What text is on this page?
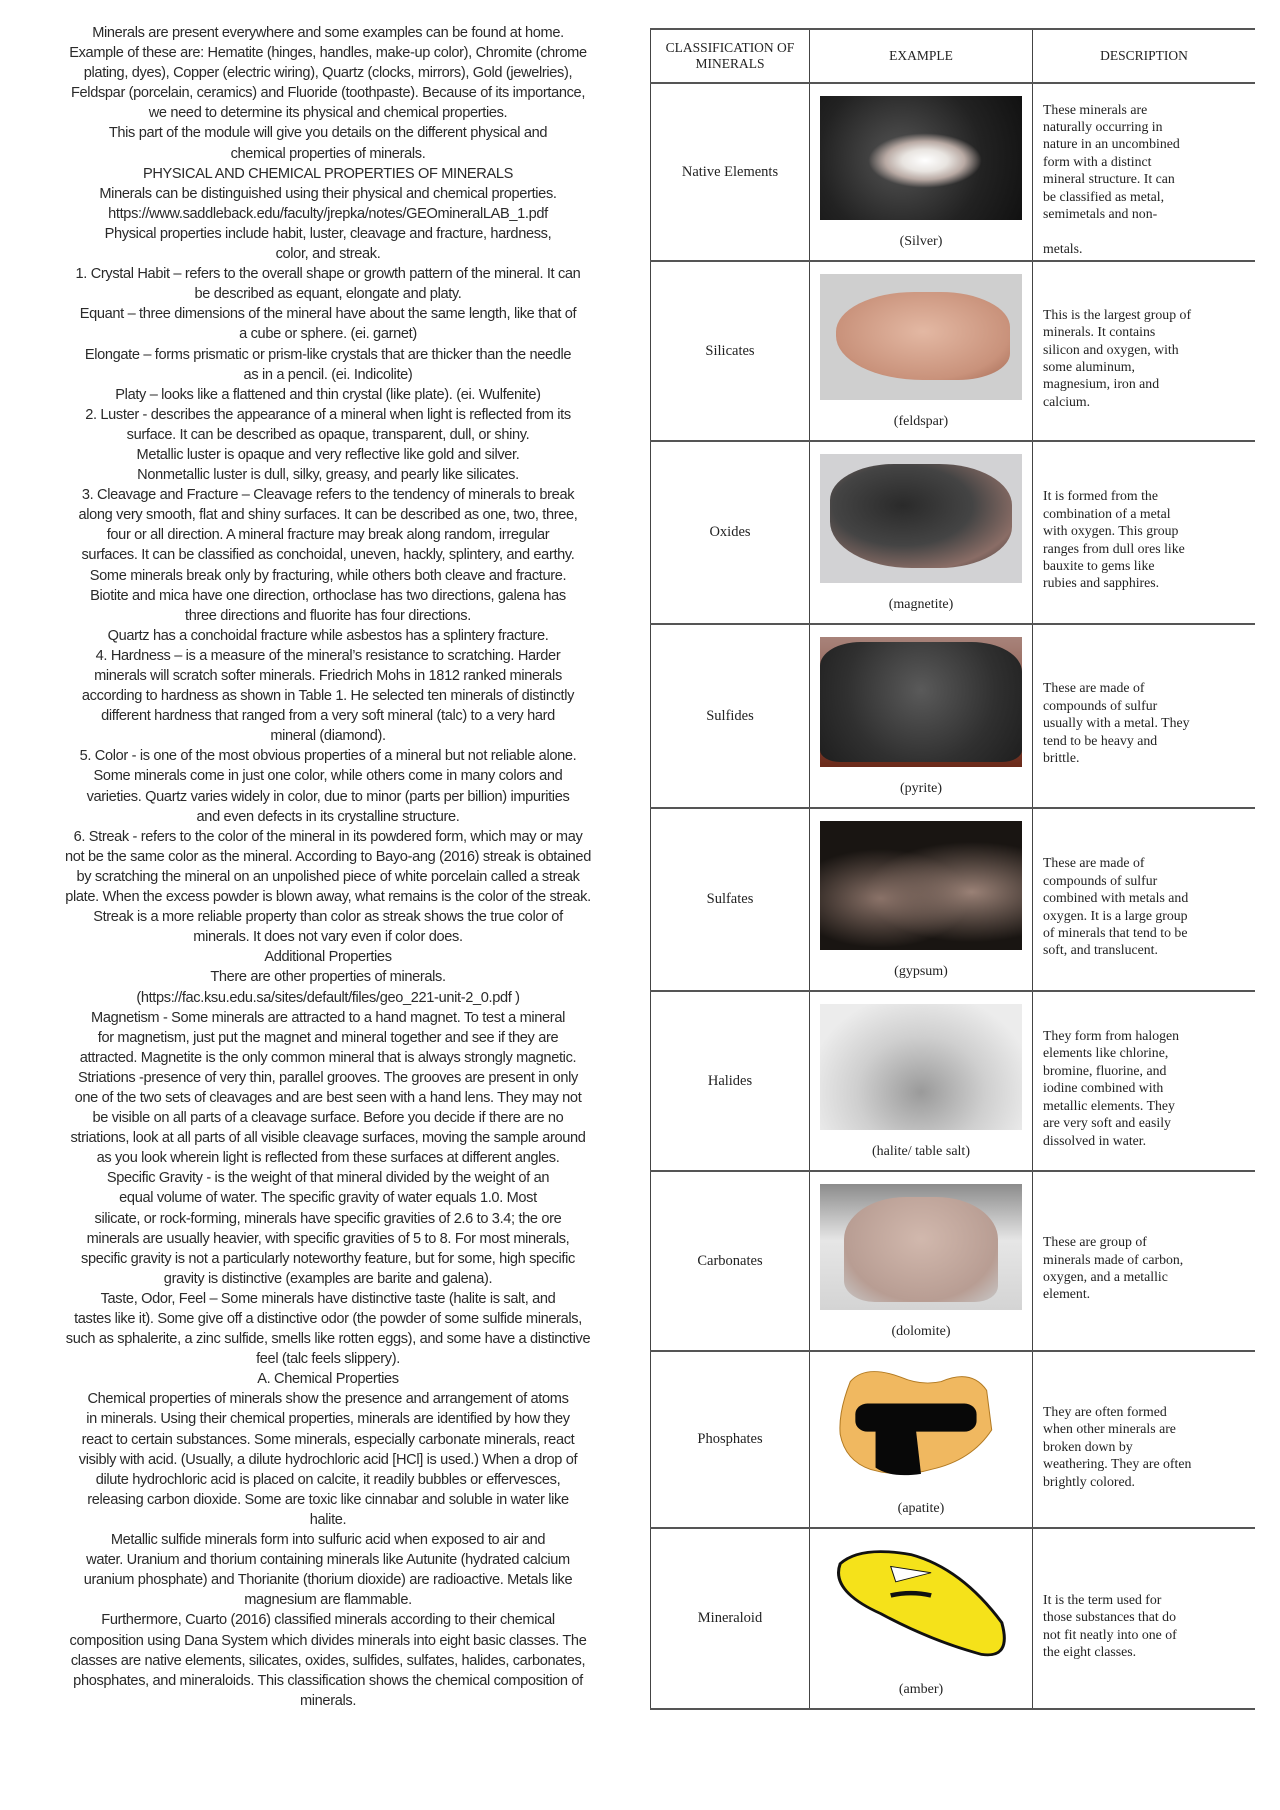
Minerals are present everywhere and some examples can be found at home.
Example of these are: Hematite (hinges, handles, make-up color), Chromite (chrome
plating, dyes), Copper (electric wiring), Quartz (clocks, mirrors), Gold (jewelries),
Feldspar (porcelain, ceramics) and Fluoride (toothpaste). Because of its importance,
we need to determine its physical and chemical properties.
This part of the module will give you details on the different physical and
chemical properties of minerals.
PHYSICAL AND CHEMICAL PROPERTIES OF MINERALS
Minerals can be distinguished using their physical and chemical properties.
https://www.saddleback.edu/faculty/jrepka/notes/GEOmineralLAB_1.pdf
Physical properties include habit, luster, cleavage and fracture, hardness,
color, and streak.
1. Crystal Habit – refers to the overall shape or growth pattern of the mineral. It can
be described as equant, elongate and platy.
Equant – three dimensions of the mineral have about the same length, like that of
a cube or sphere. (ei. garnet)
Elongate – forms prismatic or prism-like crystals that are thicker than the needle
as in a pencil. (ei. Indicolite)
Platy – looks like a flattened and thin crystal (like plate). (ei. Wulfenite)
2. Luster - describes the appearance of a mineral when light is reflected from its
surface. It can be described as opaque, transparent, dull, or shiny.
Metallic luster is opaque and very reflective like gold and silver.
Nonmetallic luster is dull, silky, greasy, and pearly like silicates.
3. Cleavage and Fracture – Cleavage refers to the tendency of minerals to break
along very smooth, flat and shiny surfaces. It can be described as one, two, three,
four or all direction. A mineral fracture may break along random, irregular
surfaces. It can be classified as conchoidal, uneven, hackly, splintery, and earthy.
Some minerals break only by fracturing, while others both cleave and fracture.
Biotite and mica have one direction, orthoclase has two directions, galena has
three directions and fluorite has four directions.
Quartz has a conchoidal fracture while asbestos has a splintery fracture.
4. Hardness – is a measure of the mineral’s resistance to scratching. Harder
minerals will scratch softer minerals. Friedrich Mohs in 1812 ranked minerals
according to hardness as shown in Table 1. He selected ten minerals of distinctly
different hardness that ranged from a very soft mineral (talc) to a very hard
mineral (diamond).
5. Color - is one of the most obvious properties of a mineral but not reliable alone.
Some minerals come in just one color, while others come in many colors and
varieties. Quartz varies widely in color, due to minor (parts per billion) impurities
and even defects in its crystalline structure.
6. Streak - refers to the color of the mineral in its powdered form, which may or may
not be the same color as the mineral. According to Bayo-ang (2016) streak is obtained
by scratching the mineral on an unpolished piece of white porcelain called a streak
plate. When the excess powder is blown away, what remains is the color of the streak.
Streak is a more reliable property than color as streak shows the true color of
minerals. It does not vary even if color does.
Additional Properties
There are other properties of minerals.
(https://fac.ksu.edu.sa/sites/default/files/geo_221-unit-2_0.pdf )
Magnetism - Some minerals are attracted to a hand magnet. To test a mineral
for magnetism, just put the magnet and mineral together and see if they are
attracted. Magnetite is the only common mineral that is always strongly magnetic.
Striations -presence of very thin, parallel grooves. The grooves are present in only
one of the two sets of cleavages and are best seen with a hand lens. They may not
be visible on all parts of a cleavage surface. Before you decide if there are no
striations, look at all parts of all visible cleavage surfaces, moving the sample around
as you look wherein light is reflected from these surfaces at different angles.
Specific Gravity - is the weight of that mineral divided by the weight of an
equal volume of water. The specific gravity of water equals 1.0. Most
silicate, or rock-forming, minerals have specific gravities of 2.6 to 3.4; the ore
minerals are usually heavier, with specific gravities of 5 to 8. For most minerals,
specific gravity is not a particularly noteworthy feature, but for some, high specific
gravity is distinctive (examples are barite and galena).
Taste, Odor, Feel – Some minerals have distinctive taste (halite is salt, and
tastes like it). Some give off a distinctive odor (the powder of some sulfide minerals,
such as sphalerite, a zinc sulfide, smells like rotten eggs), and some have a distinctive
feel (talc feels slippery).
A. Chemical Properties
Chemical properties of minerals show the presence and arrangement of atoms
in minerals. Using their chemical properties, minerals are identified by how they
react to certain substances. Some minerals, especially carbonate minerals, react
visibly with acid. (Usually, a dilute hydrochloric acid [HCl] is used.) When a drop of
dilute hydrochloric acid is placed on calcite, it readily bubbles or effervesces,
releasing carbon dioxide. Some are toxic like cinnabar and soluble in water like
halite.
Metallic sulfide minerals form into sulfuric acid when exposed to air and
water. Uranium and thorium containing minerals like Autunite (hydrated calcium
uranium phosphate) and Thorianite (thorium dioxide) are radioactive. Metals like
magnesium are flammable.
Furthermore, Cuarto (2016) classified minerals according to their chemical
composition using Dana System which divides minerals into eight basic classes. The
classes are native elements, silicates, oxides, sulfides, sulfates, halides, carbonates,
phosphates, and mineraloids. This classification shows the chemical composition of
minerals.
CLASSIFICATION OF MINERALS
EXAMPLE	DESCRIPTION
Native Elements
(Silver)
These minerals are
naturally occurring in
nature in an uncombined
form with a distinct
mineral structure. It can
be classified as metal,
semimetals and non-

metals.
Silicates
(feldspar)
This is the largest group of
minerals. It contains
silicon and oxygen, with
some aluminum,
magnesium, iron and
calcium.
Oxides
(magnetite)
It is formed from the
combination of a metal
with oxygen. This group
ranges from dull ores like
bauxite to gems like
rubies and sapphires.
Sulfides
(pyrite)
These are made of
compounds of sulfur
usually with a metal. They
tend to be heavy and
brittle.
Sulfates
(gypsum)
These are made of
compounds of sulfur
combined with metals and
oxygen. It is a large group
of minerals that tend to be
soft, and translucent.
Halides
(halite/ table salt)
They form from halogen
elements like chlorine,
bromine, fluorine, and
iodine combined with
metallic elements. They
are very soft and easily
dissolved in water.
Carbonates
(dolomite)
These are group of
minerals made of carbon,
oxygen, and a metallic
element.
Phosphates
(apatite)
They are often formed
when other minerals are
broken down by
weathering. They are often
brightly colored.
Mineraloid
(amber)
It is the term used for
those substances that do
not fit neatly into one of
the eight classes.
